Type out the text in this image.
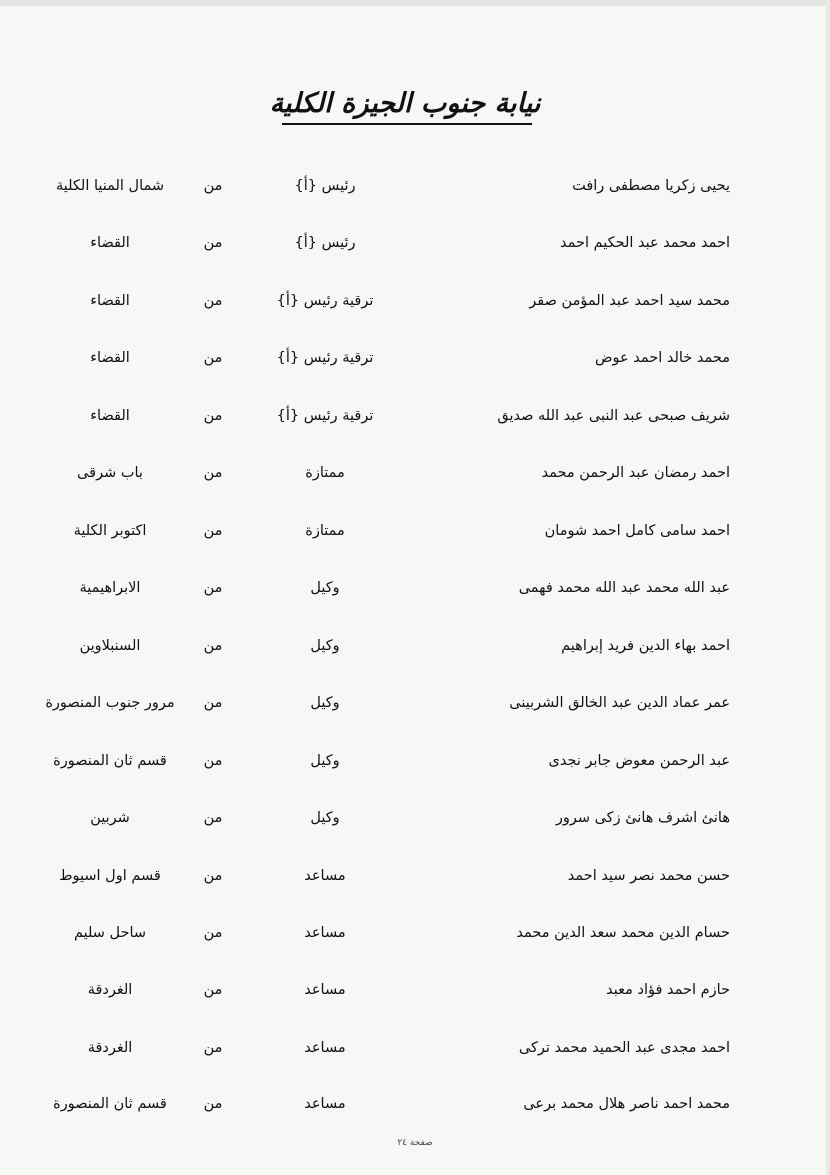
نيابة جنوب الجيزة الكلية
يحيى زكريا مصطفى رافت
رئيس {أ}
من
شمال المنيا الكلية
احمد محمد عبد الحكيم احمد
رئيس {أ}
من
القضاء
محمد سيد احمد عبد المؤمن صقر
ترقية رئيس {أ}
من
القضاء
محمد خالد احمد عوض
ترقية رئيس {أ}
من
القضاء
شريف صبحى عبد النبى عبد الله صديق
ترقية رئيس {أ}
من
القضاء
احمد رمضان عبد الرحمن محمد
ممتازة
من
باب شرقى
احمد سامى كامل احمد شومان
ممتازة
من
اكتوبر الكلية
عبد الله محمد عبد الله محمد فهمى
وكيل
من
الابراهيمية
احمد بهاء الدين فريد إبراهيم
وكيل
من
السنبلاوين
عمر عماد الدين عبد الخالق الشربينى
وكيل
من
مرور جنوب المنصورة
عبد الرحمن معوض جابر نجدى
وكيل
من
قسم ثان المنصورة
هانئ اشرف هانئ زكى سرور
وكيل
من
شربين
حسن محمد نصر سيد احمد
مساعد
من
قسم اول اسيوط
حسام الدين محمد سعد الدين محمد
مساعد
من
ساحل سليم
حازم احمد فؤاد معبد
مساعد
من
الغردقة
احمد مجدى عبد الحميد محمد تركى
مساعد
من
الغردقة
محمد احمد ناصر هلال محمد برعى
مساعد
من
قسم ثان المنصورة
صفحة ٢٤
